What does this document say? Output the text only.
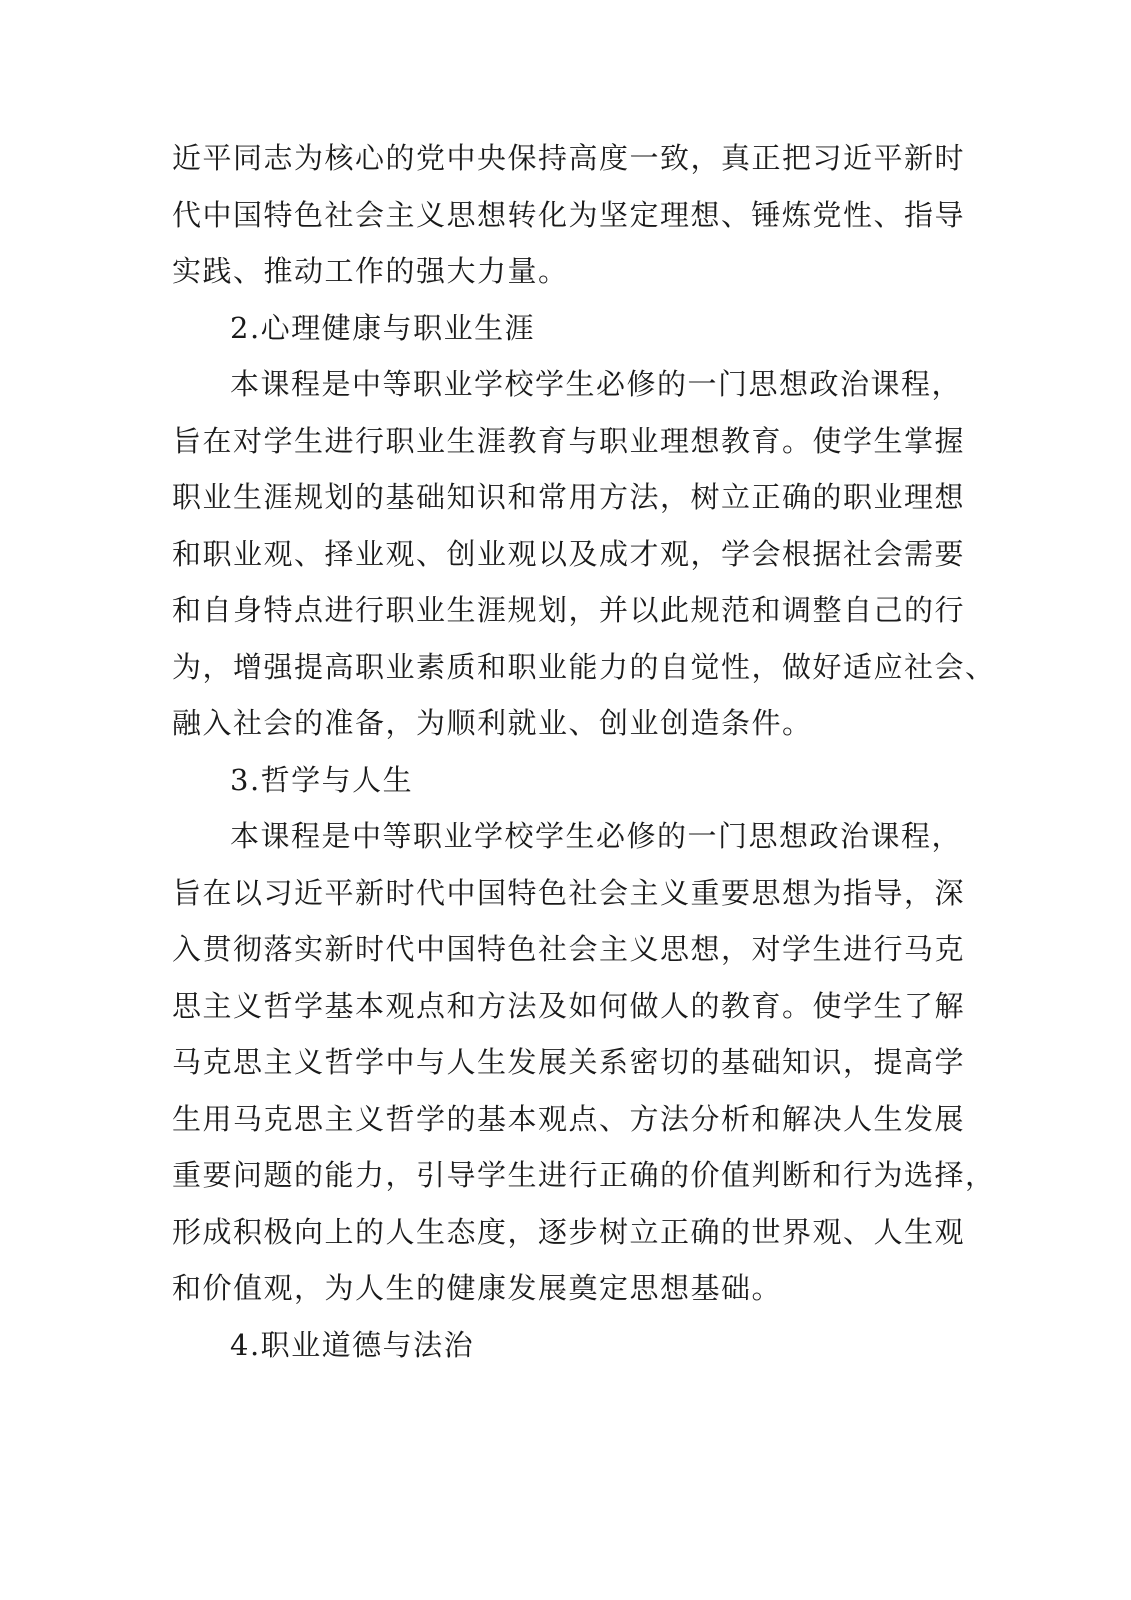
近平同志为核心的党中央保持高度一致，真正把习近平新时
代中国特色社会主义思想转化为坚定理想、锤炼党性、指导
实践、推动工作的强大力量。
2.心理健康与职业生涯
本课程是中等职业学校学生必修的一门思想政治课程，
旨在对学生进行职业生涯教育与职业理想教育。使学生掌握
职业生涯规划的基础知识和常用方法，树立正确的职业理想
和职业观、择业观、创业观以及成才观，学会根据社会需要
和自身特点进行职业生涯规划，并以此规范和调整自己的行
为，增强提高职业素质和职业能力的自觉性，做好适应社会、
融入社会的准备，为顺利就业、创业创造条件。
3.哲学与人生
本课程是中等职业学校学生必修的一门思想政治课程，
旨在以习近平新时代中国特色社会主义重要思想为指导，深
入贯彻落实新时代中国特色社会主义思想，对学生进行马克
思主义哲学基本观点和方法及如何做人的教育。使学生了解
马克思主义哲学中与人生发展关系密切的基础知识，提高学
生用马克思主义哲学的基本观点、方法分析和解决人生发展
重要问题的能力，引导学生进行正确的价值判断和行为选择，
形成积极向上的人生态度，逐步树立正确的世界观、人生观
和价值观，为人生的健康发展奠定思想基础。
4.职业道德与法治
